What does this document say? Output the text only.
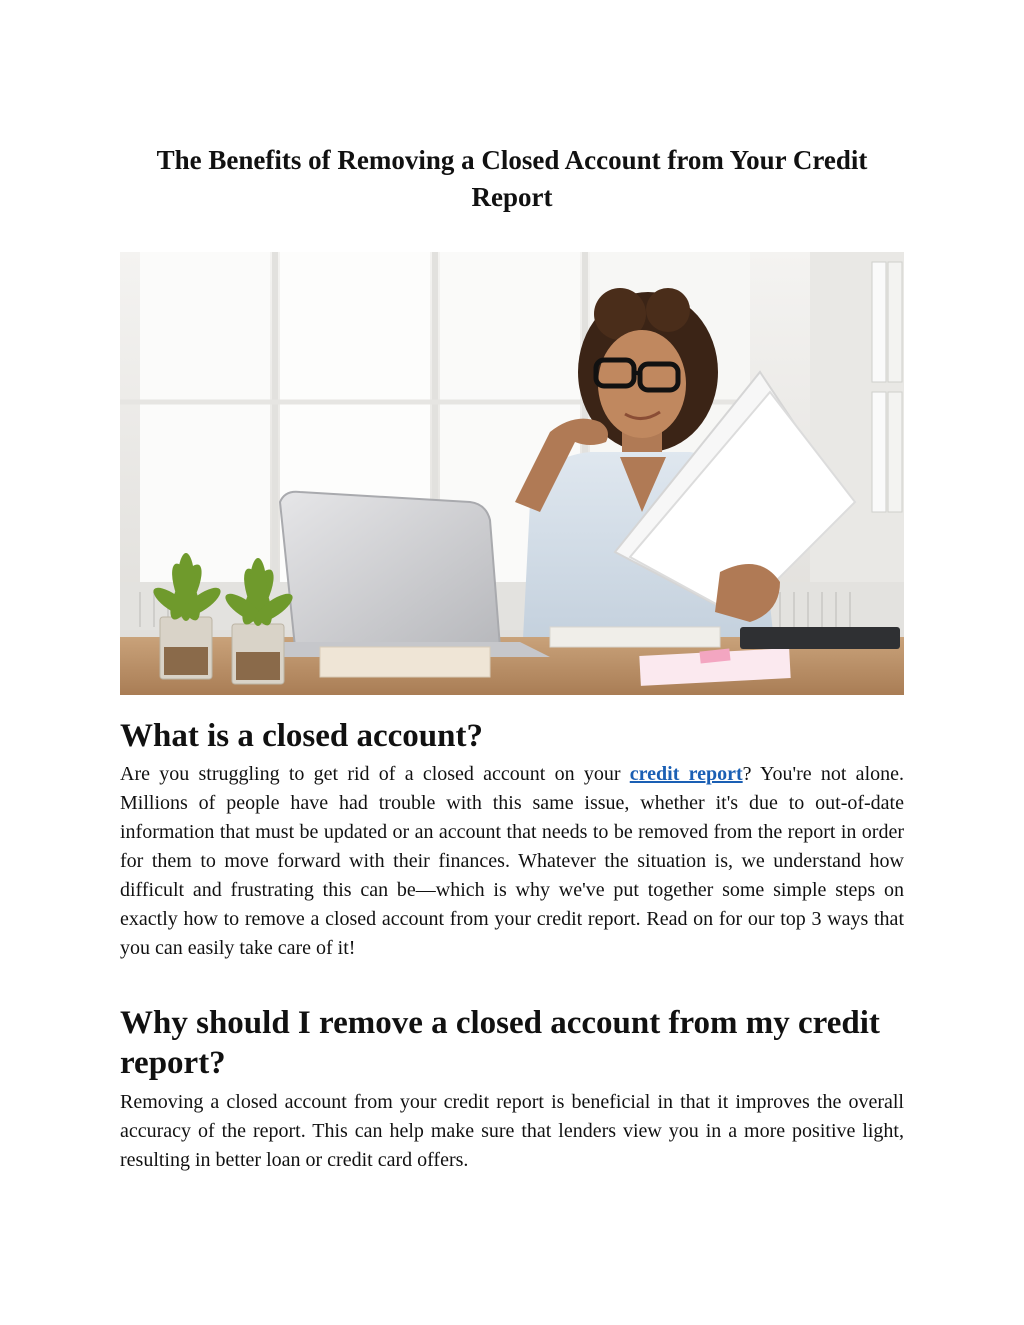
The Benefits of Removing a Closed Account from Your Credit Report
What is a closed account?

Are you struggling to get rid of a closed account on your credit report? You're not alone. Millions of people have had trouble with this same issue, whether it's due to out-of-date information that must be updated or an account that needs to be removed from the report in order for them to move forward with their finances. Whatever the situation is, we understand how difficult and frustrating this can be—which is why we've put together some simple steps on exactly how to remove a closed account from your credit report. Read on for our top 3 ways that you can easily take care of it!

Why should I remove a closed account from my credit report?

Removing a closed account from your credit report is beneficial in that it improves the overall accuracy of the report. This can help make sure that lenders view you in a more positive light, resulting in better loan or credit card offers.
